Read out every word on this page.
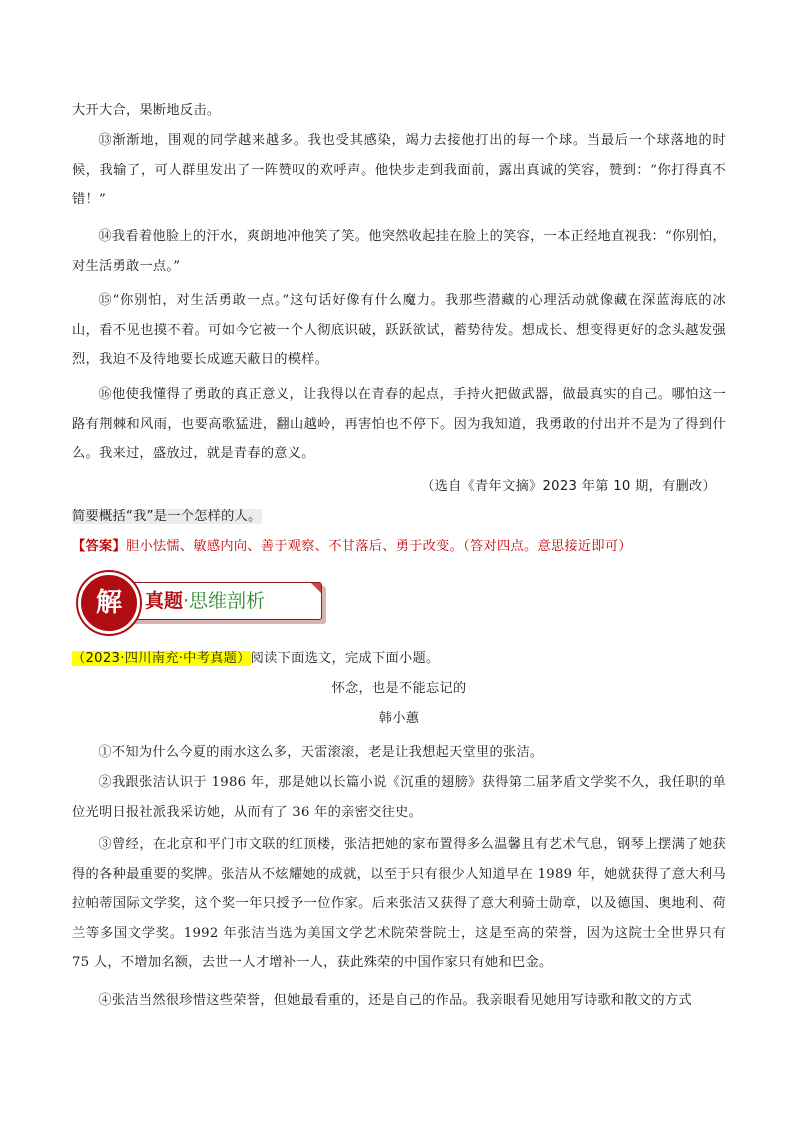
大开大合，果断地反击。
⑬渐渐地，围观的同学越来越多。我也受其感染，竭力去接他打出的每一个球。当最后一个球落地的时候，我输了，可人群里发出了一阵赞叹的欢呼声。他快步走到我面前，露出真诚的笑容，赞到：“你打得真不错！”
⑭我看着他脸上的汗水，爽朗地冲他笑了笑。他突然收起挂在脸上的笑容，一本正经地直视我：“你别怕，对生活勇敢一点。”
⑮“你别怕，对生活勇敢一点。”这句话好像有什么魔力。我那些潜藏的心理活动就像藏在深蓝海底的冰山，看不见也摸不着。可如今它被一个人彻底识破，跃跃欲试，蓄势待发。想成长、想变得更好的念头越发强烈，我迫不及待地要长成遮天蔽日的模样。
⑯他使我懂得了勇敢的真正意义，让我得以在青春的起点，手持火把做武器，做最真实的自己。哪怕这一路有荆棘和风雨，也要高歌猛进，翻山越岭，再害怕也不停下。因为我知道，我勇敢的付出并不是为了得到什么。我来过，盛放过，就是青春的意义。
（选自《青年文摘》2023 年第 10 期，有删改）
简要概括“我”是一个怎样的人。
【答案】胆小怯懦、敏感内向、善于观察、不甘落后、勇于改变。（答对四点。意思接近即可）
真题·思维剖析
解
（2023·四川南充·中考真题）阅读下面选文，完成下面小题。
怀念，也是不能忘记的
韩小蕙
①不知为什么今夏的雨水这么多，天雷滚滚，老是让我想起天堂里的张洁。
②我跟张洁认识于 1986 年，那是她以长篇小说《沉重的翅膀》获得第二届茅盾文学奖不久，我任职的单位光明日报社派我采访她，从而有了 36 年的亲密交往史。
③曾经，在北京和平门市文联的红顶楼，张洁把她的家布置得多么温馨且有艺术气息，钢琴上摆满了她获得的各种最重要的奖牌。张洁从不炫耀她的成就，以至于只有很少人知道早在 1989 年，她就获得了意大利马拉帕蒂国际文学奖，这个奖一年只授予一位作家。后来张洁又获得了意大利骑士勋章，以及德国、奥地利、荷兰等多国文学奖。1992 年张洁当选为美国文学艺术院荣誉院士，这是至高的荣誉，因为这院士全世界只有 75 人，不增加名额，去世一人才增补一人，获此殊荣的中国作家只有她和巴金。
④张洁当然很珍惜这些荣誉，但她最看重的，还是自己的作品。我亲眼看见她用写诗歌和散文的方式
